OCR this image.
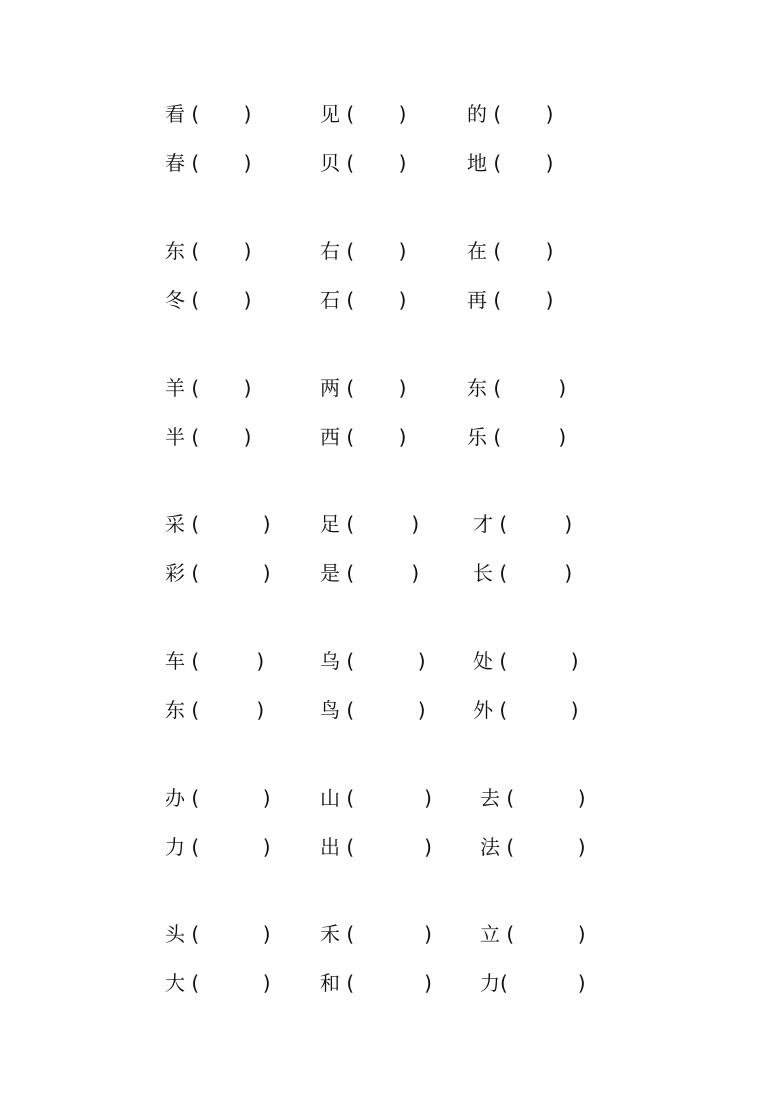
看 (       )	见 (       )	的 (       )
春 (       )	贝 (       )	地 (       )
东 (       )	右 (       )	在 (       )
冬 (       )	石 (       )	再 (       )
羊 (       )	两 (       )	东 (         )
半 (       )	西 (       )	乐 (         )
采 (          ) 足 (         )	才 (         )
彩 (          ) 是 (         )	长 (         )
车 (         )	乌 (          ) 处 (          )
东 (         )	鸟 (          ) 外 (          )
办 (          ) 山 (           ) 去 (          )
力 (          ) 出 (           ) 法 (          )
头 (          ) 禾 (           ) 立 (          )
大 (          ) 和 (           ) 力(           )
